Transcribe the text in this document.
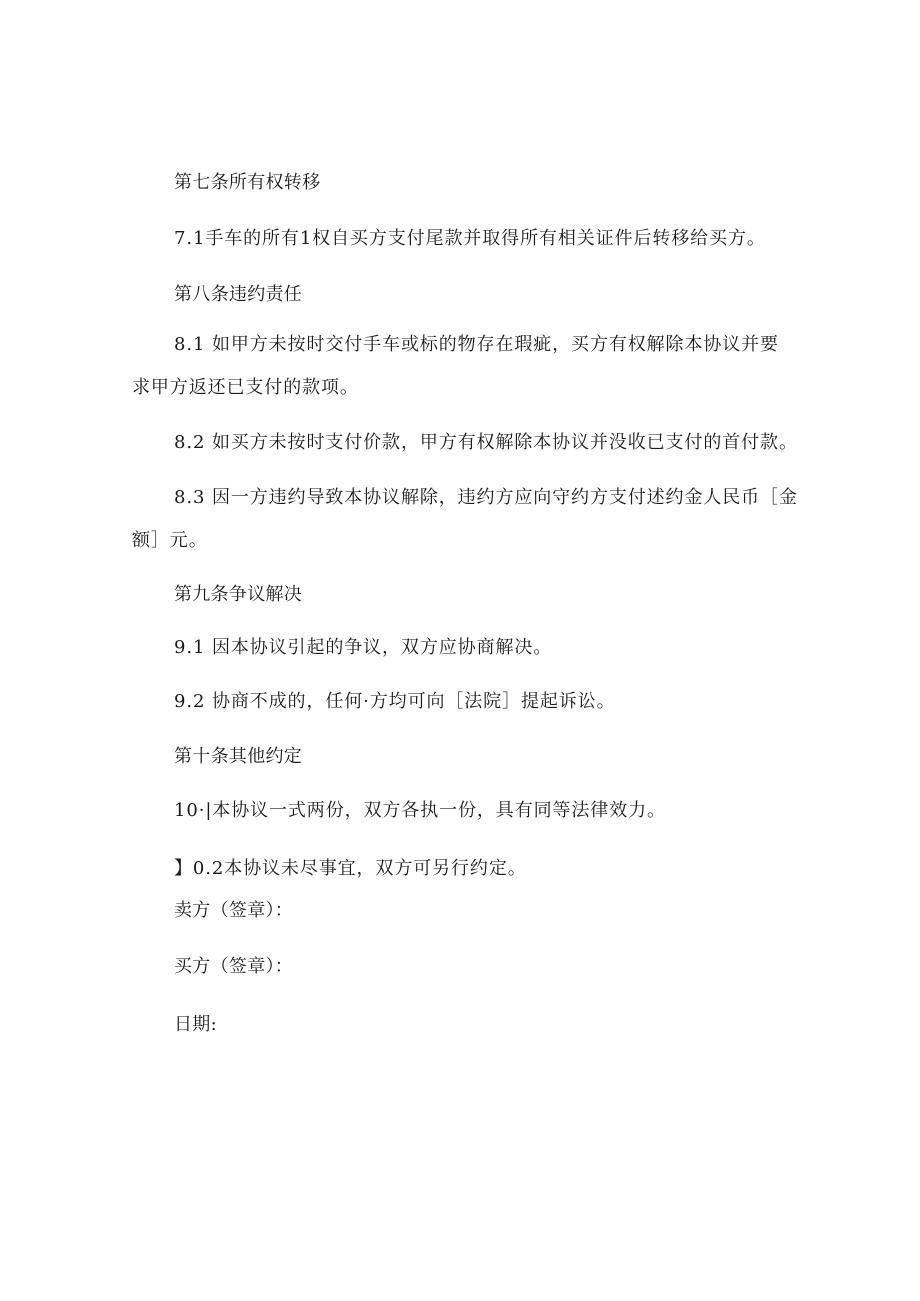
第七条所有权转移
7.1手车的所有1权自买方支付尾款并取得所有相关证件后转移给买方。
第八条违约责任
8.1 如甲方未按时交付手车或标的物存在瑕疵，买方有权解除本协议并要
求甲方返还已支付的款项。
8.2 如买方未按时支付价款，甲方有权解除本协议并没收已支付的首付款。
8.3 因一方违约导致本协议解除，违约方应向守约方支付述约金人民币［金
额］元。
第九条争议解决
9.1 因本协议引起的争议，双方应协商解决。
9.2 协商不成的，任何·方均可向［法院］提起诉讼。
第十条其他约定
10·|本协议一式两份，双方各执一份，具有同等法律效力。
】0.2本协议未尽事宜，双方可另行约定。
卖方（签章）：
买方（签章）：
日期:
